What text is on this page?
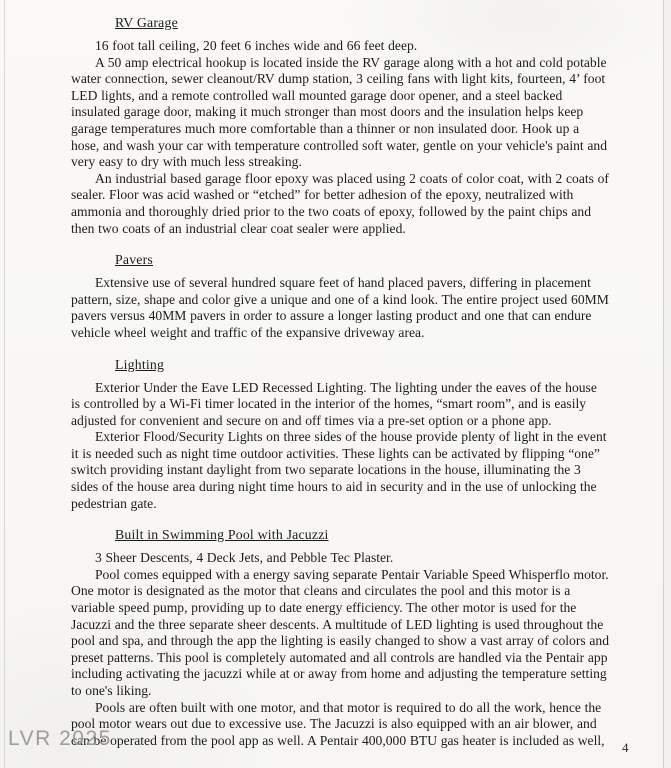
RV Garage

16 foot tall ceiling, 20 feet 6 inches wide and 66 feet deep.

A 50 amp electrical hookup is located inside the RV garage along with a hot and cold potable water connection, sewer cleanout/RV dump station, 3 ceiling fans with light kits, fourteen, 4’ foot LED lights, and a remote controlled wall mounted garage door opener, and a steel backed insulated garage door, making it much stronger than most doors and the insulation helps keep garage temperatures much more comfortable than a thinner or non insulated door. Hook up a hose, and wash your car with temperature controlled soft water, gentle on your vehicle's paint and very easy to dry with much less streaking.

An industrial based garage floor epoxy was placed using 2 coats of color coat, with 2 coats of sealer. Floor was acid washed or “etched” for better adhesion of the epoxy, neutralized with ammonia and thoroughly dried prior to the two coats of epoxy, followed by the paint chips and then two coats of an industrial clear coat sealer were applied.

Pavers

Extensive use of several hundred square feet of hand placed pavers, differing in placement pattern, size, shape and color give a unique and one of a kind look. The entire project used 60MM pavers versus 40MM pavers in order to assure a longer lasting product and one that can endure vehicle wheel weight and traffic of the expansive driveway area.

Lighting

Exterior Under the Eave LED Recessed Lighting. The lighting under the eaves of the house is controlled by a Wi-Fi timer located in the interior of the homes, “smart room”, and is easily adjusted for convenient and secure on and off times via a pre-set option or a phone app.

Exterior Flood/Security Lights on three sides of the house provide plenty of light in the event it is needed such as night time outdoor activities. These lights can be activated by flipping “one” switch providing instant daylight from two separate locations in the house, illuminating the 3 sides of the house area during night time hours to aid in security and in the use of unlocking the pedestrian gate.

Built in Swimming Pool with Jacuzzi

3 Sheer Descents, 4 Deck Jets, and Pebble Tec Plaster.

Pool comes equipped with a energy saving separate Pentair Variable Speed Whisperflo motor. One motor is designated as the motor that cleans and circulates the pool and this motor is a variable speed pump, providing up to date energy efficiency. The other motor is used for the Jacuzzi and the three separate sheer descents. A multitude of LED lighting is used throughout the pool and spa, and through the app the lighting is easily changed to show a vast array of colors and preset patterns. This pool is completely automated and all controls are handled via the Pentair app including activating the jacuzzi while at or away from home and adjusting the temperature setting to one's liking.

Pools are often built with one motor, and that motor is required to do all the work, hence the pool motor wears out due to excessive use. The Jacuzzi is also equipped with an air blower, and can be operated from the pool app as well. A Pentair 400,000 BTU gas heater is included as well,

LVR 2025	4
